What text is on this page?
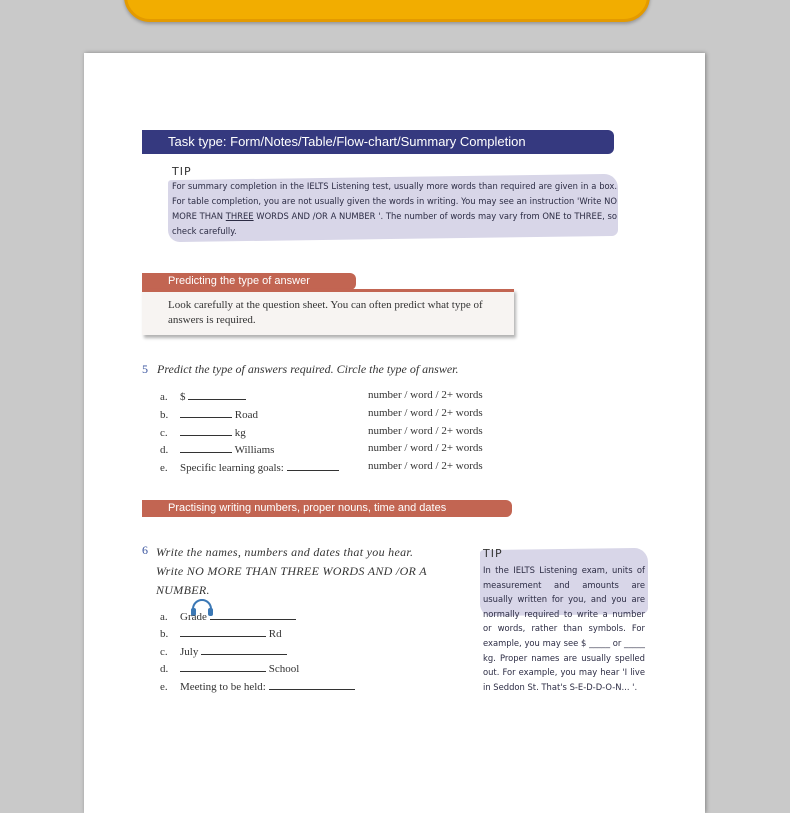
Task type: Form/Notes/Table/Flow-chart/Summary Completion
TIP
For summary completion in the IELTS Listening test, usually more words than required are given in a box. For table completion, you are not usually given the words in writing. You may see an instruction 'Write NO MORE THAN THREE WORDS AND /OR A NUMBER '. The number of words may vary from ONE to THREE, so check carefully.
Predicting the type of answer
Look carefully at the question sheet. You can often predict what type of answers is required.
5 Predict the type of answers required. Circle the type of answer.
a. $	number / word / 2+ words
b.	Road	number / word / 2+ words
c.	kg	number / word / 2+ words
d.	Williams	number / word / 2+ words
e. Specific learning goals:	number / word / 2+ words
Practising writing numbers, proper nouns, time and dates
6 Write the names, numbers and dates that you hear.
Write NO MORE THAN THREE WORDS AND /OR A
NUMBER.
a. Grade
b.	Rd
c. July
d.	School
e. Meeting to be held:
TIP
In the IELTS Listening exam, units of measurement and amounts are usually written for you, and you are normally required to write a number or words, rather than symbols. For example, you may see $ _____ or _____ kg. Proper names are usually spelled out. For example, you may hear 'I live in Seddon St. That's S-E-D-D-O-N... '.
